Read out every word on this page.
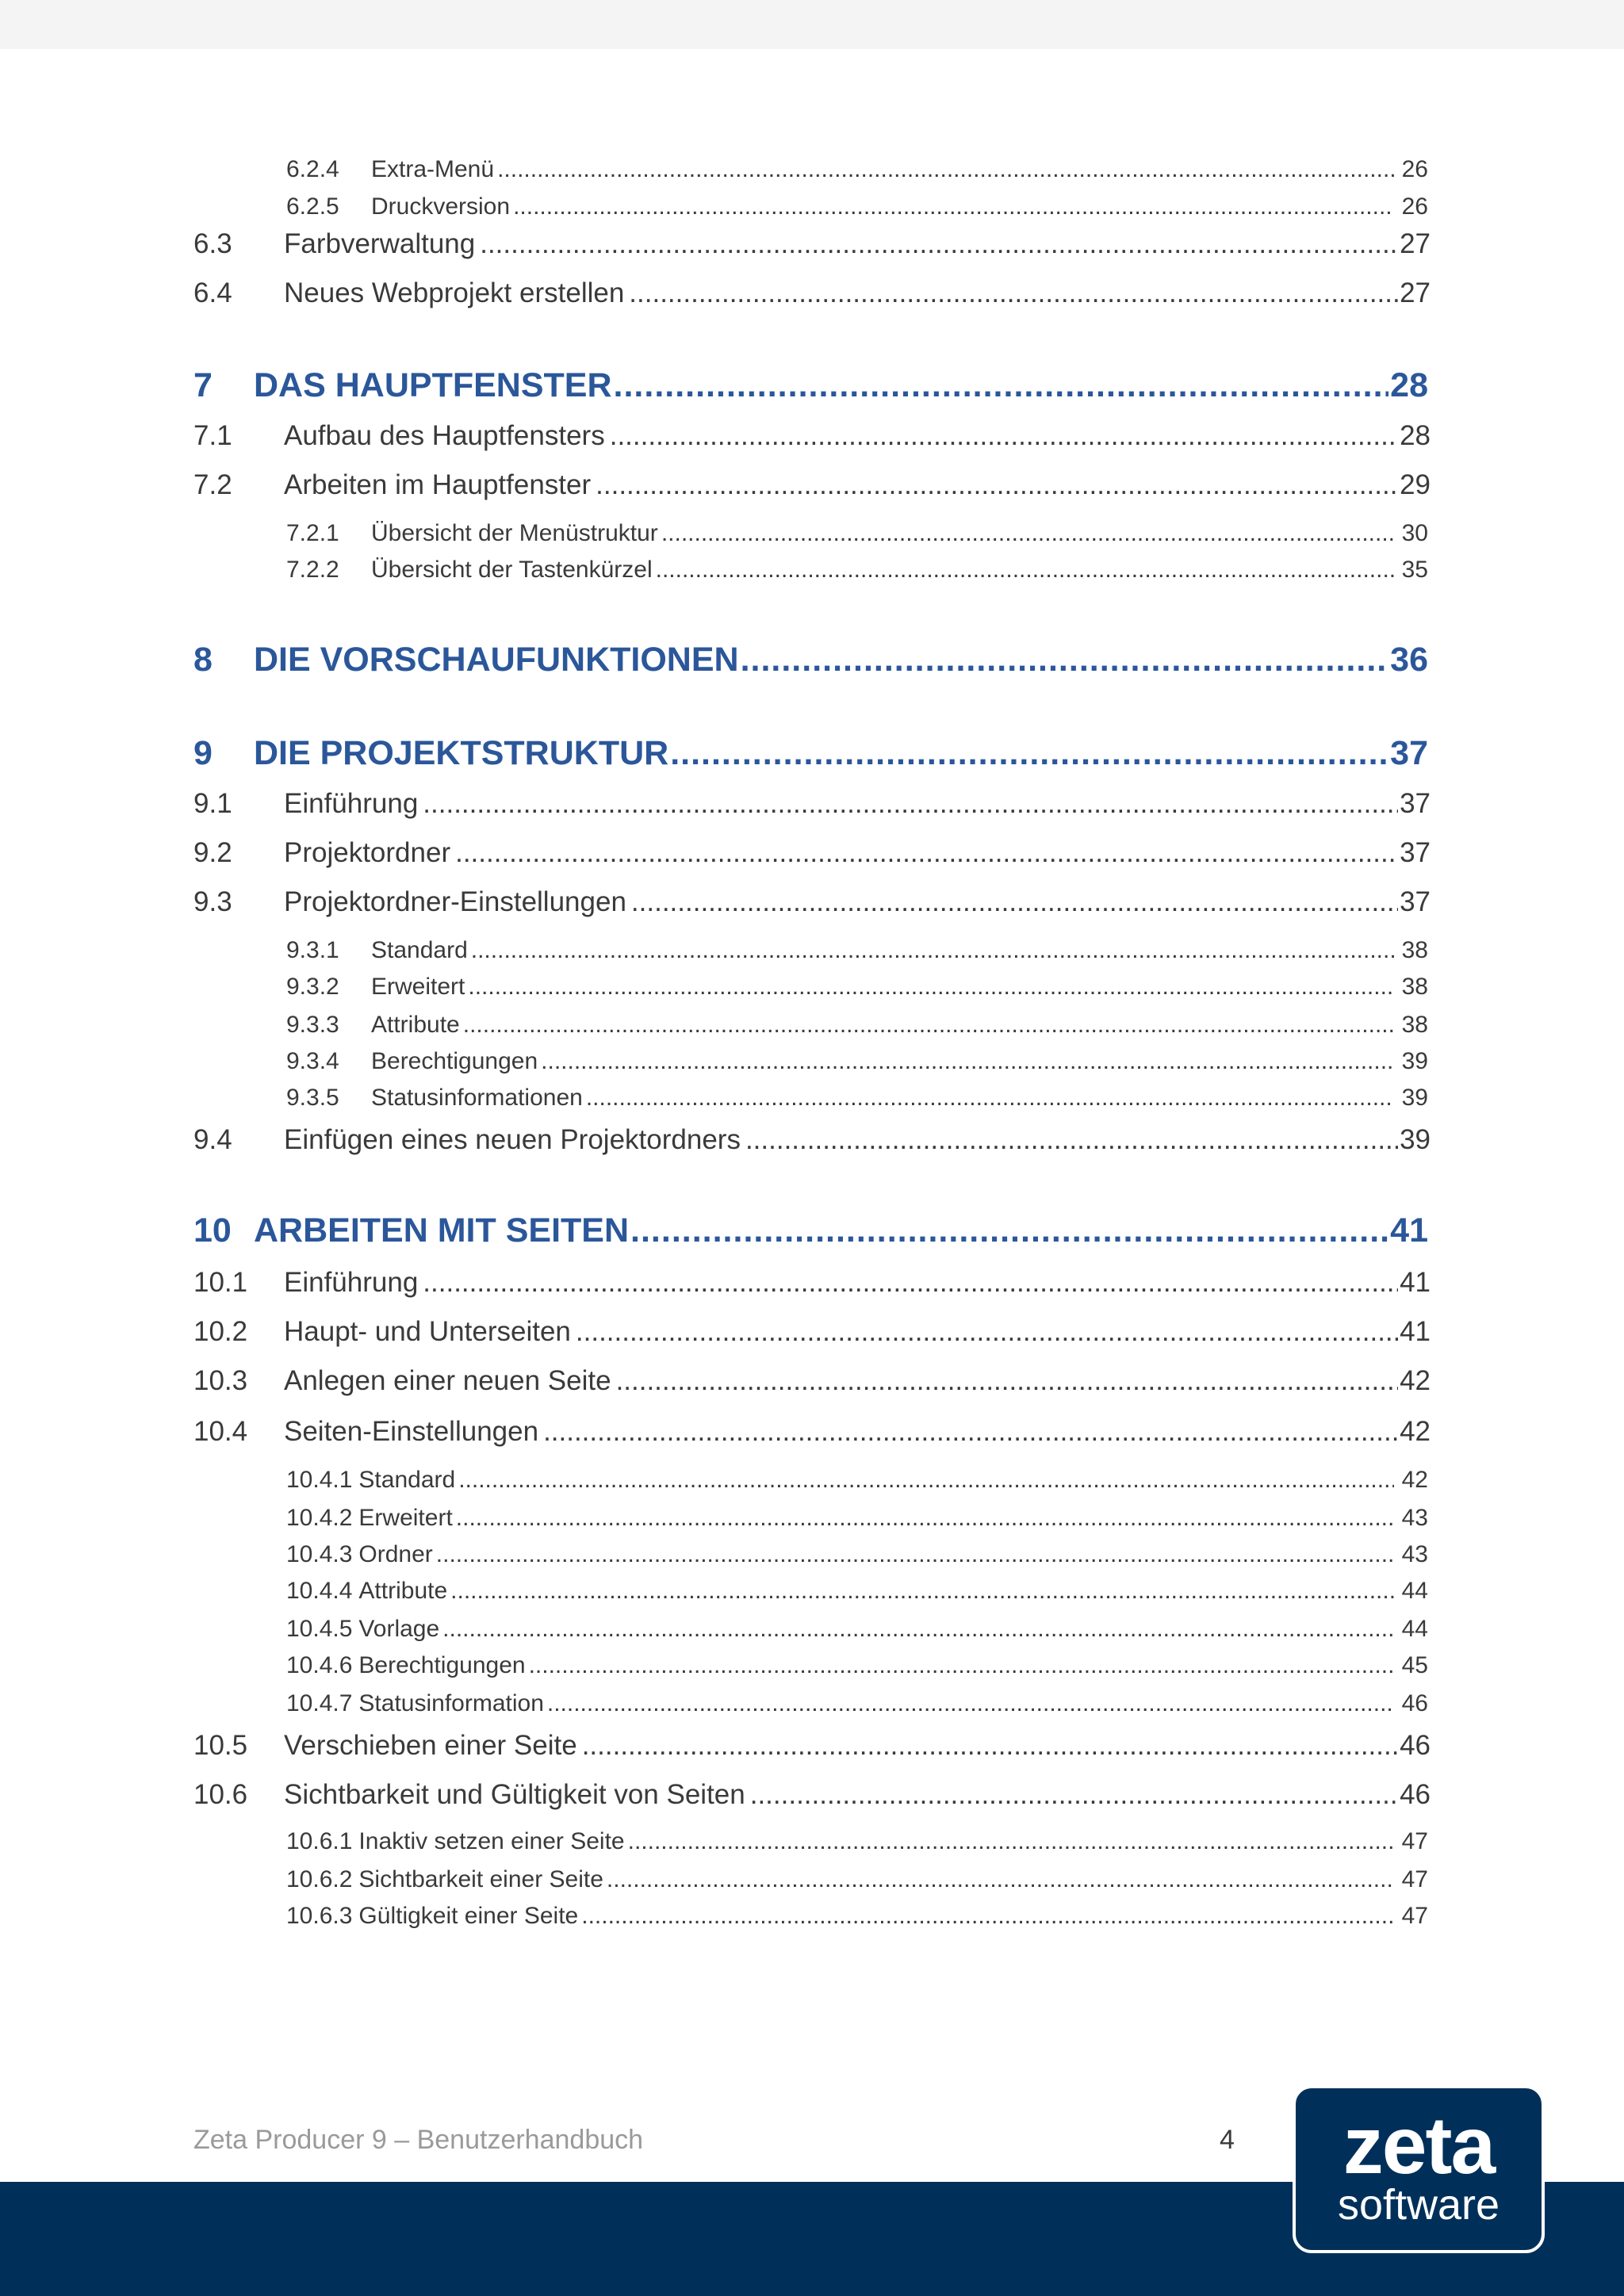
6.2.4	Extra-Menü .....	26
6.2.5	Druckversion .....	26
6.3	Farbverwaltung .....	27
6.4	Neues Webprojekt erstellen .....	27
7	DAS HAUPTFENSTER .....	28
7.1	Aufbau des Hauptfensters .....	28
7.2	Arbeiten im Hauptfenster .....	29
7.2.1	Übersicht der Menüstruktur .....	30
7.2.2	Übersicht der Tastenkürzel .....	35
8	DIE VORSCHAUFUNKTIONEN .....	36
9	DIE PROJEKTSTRUKTUR .....	37
9.1	Einführung .....	37
9.2	Projektordner .....	37
9.3	Projektordner-Einstellungen .....	37
9.3.1	Standard .....	38
9.3.2	Erweitert .....	38
9.3.3	Attribute .....	38
9.3.4	Berechtigungen .....	39
9.3.5	Statusinformationen .....	39
9.4	Einfügen eines neuen Projektordners .....	39
10 ARBEITEN MIT SEITEN .....	41
10.1	Einführung .....	41
10.2	Haupt- und Unterseiten .....	41
10.3	Anlegen einer neuen Seite .....	42
10.4	Seiten-Einstellungen .....	42
10.4.1 Standard .....	42
10.4.2 Erweitert .....	43
10.4.3 Ordner .....	43
10.4.4 Attribute .....	44
10.4.5 Vorlage .....	44
10.4.6 Berechtigungen .....	45
10.4.7 Statusinformation .....	46
10.5	Verschieben einer Seite .....	46
10.6	Sichtbarkeit und Gültigkeit von Seiten .....	46
10.6.1 Inaktiv setzen einer Seite .....	47
10.6.2 Sichtbarkeit einer Seite .....	47
10.6.3 Gültigkeit einer Seite .....	47
Zeta Producer 9 – Benutzerhandbuch	4 zeta
software
